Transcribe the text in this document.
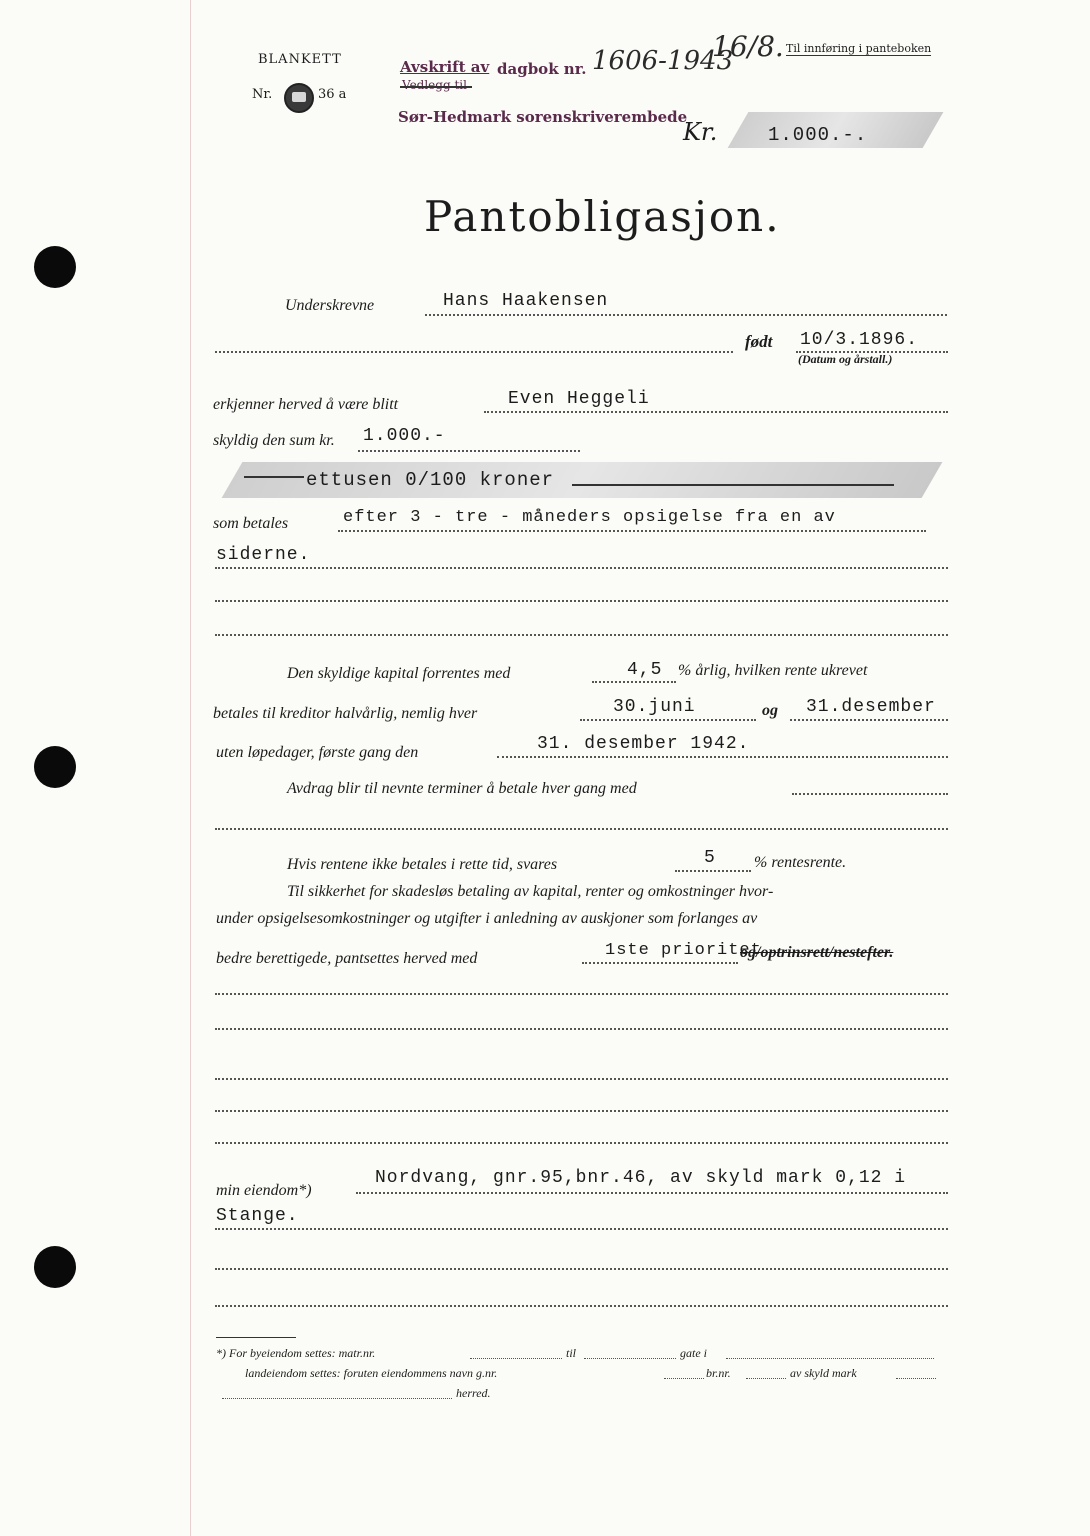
BLANKETT
Nr.	36 a
Avskrift av
Vedlegg til
dagbok nr. 1606-1943
16/8. Til innføring i panteboken
Sør-Hedmark sorenskriverembede
Kr.	1.000.-.
Pantobligasjon.
Underskrevne	Hans Haakensen
født 10/3.1896.
(Datum og årstall.)
erkjenner herved å være blitt	Even Heggeli
skyldig den sum kr. 1.000.-
ettusen 0/100 kroner
som betales	efter 3 - tre - måneders opsigelse fra en av
siderne.
Den skyldige kapital forrentes med	4,5 % årlig, hvilken rente ukrevet
betales til kreditor halvårlig, nemlig hver	30.juni	og 31.desember
uten løpedager, første gang den	31. desember 1942.
Avdrag blir til nevnte terminer å betale hver gang med
Hvis rentene ikke betales i rette tid, svares	5 % rentesrente.
Til sikkerhet for skadesløs betaling av kapital, renter og omkostninger hvor-
under opsigelsesomkostninger og utgifter i anledning av auskjoner som forlanges av
bedre berettigede, pantsettes herved med	1ste prioritet
og/optrinsrett/nestefter.
min eiendom*)
Nordvang, gnr.95,bnr.46, av skyld mark 0,12 i
Stange.
*) For byeiendom settes: matr.nr.	til	gate i
landeiendom settes: foruten eiendommens navn g.nr.	br.nr.	av skyld mark
herred.
